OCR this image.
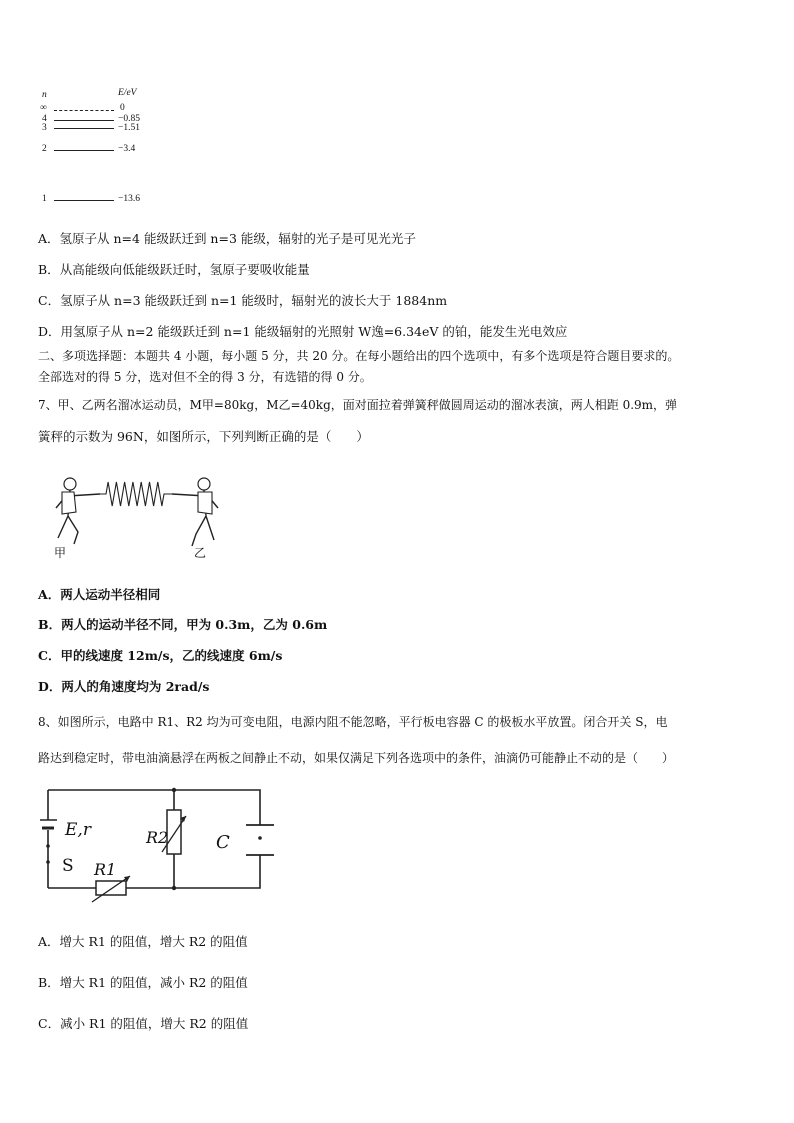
n	E/eV
∞	0
4	−0.85
3	−1.51
2	−3.4
1	−13.6
A．氢原子从 n=4 能级跃迁到 n=3 能级，辐射的光子是可见光光子
B．从高能级向低能级跃迁时，氢原子要吸收能量
C．氢原子从 n=3 能级跃迁到 n=1 能级时，辐射光的波长大于 1884nm
D．用氢原子从 n=2 能级跃迁到 n=1 能级辐射的光照射 W逸=6.34eV 的铂，能发生光电效应
二、多项选择题：本题共 4 小题，每小题 5 分，共 20 分。在每小题给出的四个选项中，有多个选项是符合题目要求的。
全部选对的得 5 分，选对但不全的得 3 分，有选错的得 0 分。
7、甲、乙两名溜冰运动员，M甲=80kg，M乙=40kg，面对面拉着弹簧秤做圆周运动的溜冰表演，两人相距 0.9m，弹
簧秤的示数为 96N，如图所示，下列判断正确的是（　　）
甲	乙
A．两人运动半径相同
B．两人的运动半径不同，甲为 0.3m，乙为 0.6m
C．甲的线速度 12m/s，乙的线速度 6m/s
D．两人的角速度均为 2rad/s
8、如图所示，电路中 R1、R2 均为可变电阻，电源内阻不能忽略，平行板电容器 C 的极板水平放置。闭合开关 S，电
路达到稳定时，带电油滴悬浮在两板之间静止不动，如果仅满足下列各选项中的条件，油滴仍可能静止不动的是（　　）
E,r
S R1
R2	C
A．增大 R1 的阻值，增大 R2 的阻值
B．增大 R1 的阻值，减小 R2 的阻值
C．减小 R1 的阻值，增大 R2 的阻值
